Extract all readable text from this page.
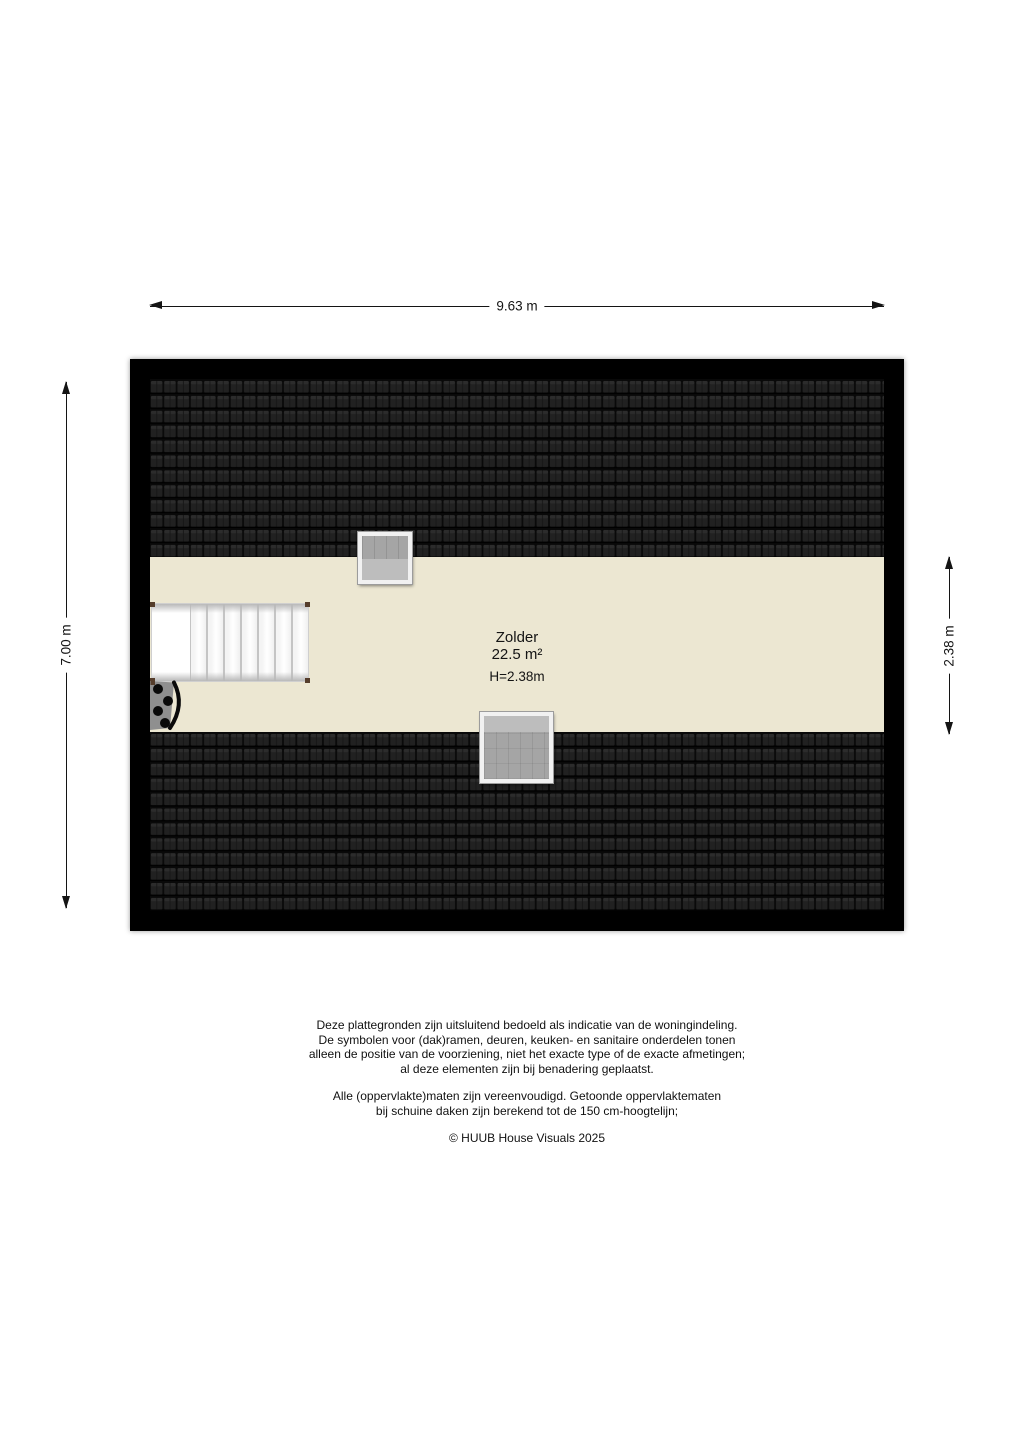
9.63 m
7.00 m	2.38 m
Zolder
22.5 m²
H=2.38m
Deze plattegronden zijn uitsluitend bedoeld als indicatie van de woningindeling.
De symbolen voor (dak)ramen, deuren, keuken- en sanitaire onderdelen tonen
alleen de positie van de voorziening, niet het exacte type of de exacte afmetingen;
al deze elementen zijn bij benadering geplaatst.
Alle (oppervlakte)maten zijn vereenvoudigd. Getoonde oppervlaktematen
bij schuine daken zijn berekend tot de 150 cm-hoogtelijn;
© HUUB House Visuals 2025
